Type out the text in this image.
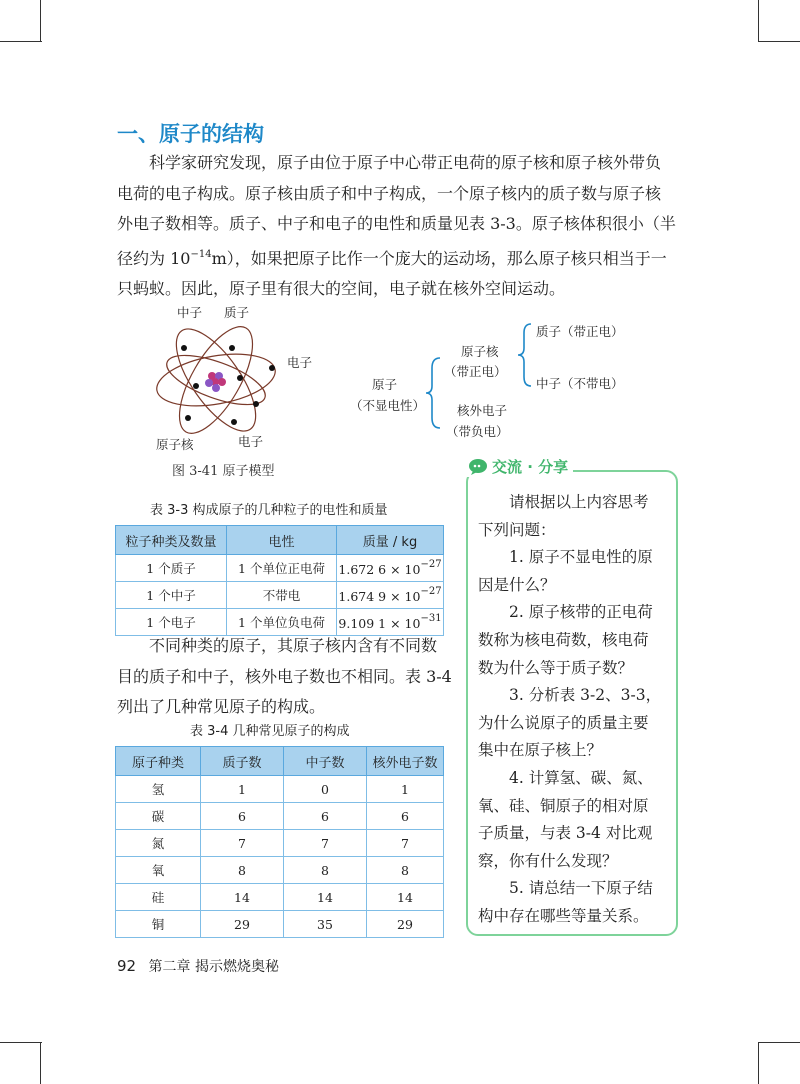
一、原子的结构

科学家研究发现，原子由位于原子中心带正电荷的原子核和原子核外带负

电荷的电子构成。原子核由质子和中子构成，一个原子核内的质子数与原子核

外电子数相等。质子、中子和电子的电性和质量见表 3-3。原子核体积很小（半

径约为 $10^{-14}m$），如果把原子比作一个庞大的运动场，那么原子核只相当于一

只蚂蚁。因此，原子里有很大的空间，电子就在核外空间运动。

中子 质子
电子
原子核	电子
图 3-41 原子模型
原子
（不显电性）
原子核
（带正电）
核外电子
（带负电）
质子（带正电）
中子（不带电）
表 3-3 构成原子的几种粒子的电性和质量
粒子种类及数量	电性	质量 / kg
1 个质子	1 个单位正电荷	1.672 $6 \times 10^{-27}$
1 个中子	不带电	1.674 $9 \times 10^{-27}$
1 个电子	1 个单位负电荷	9.109 $1 \times 10^{-31}$

不同种类的原子，其原子核内含有不同数

目的质子和中子，核外电子数也不相同。表 3-4

列出了几种常见原子的构成。

表 3-4 几种常见原子的构成
原子种类	质子数	中子数	核外电子数
氢	1	0	1
碳	6	6	6
氮	7	7	7
氧	8	8	8
硅	14	14	14
铜	29	35	29
交流 · 分享

请根据以上内容思考

下列问题：

1. 原子不显电性的原

因是什么？

2. 原子核带的正电荷

数称为核电荷数，核电荷

数为什么等于质子数？

3. 分析表 3-2、3-3，

为什么说原子的质量主要

集中在原子核上？

4. 计算氢、碳、氮、

氧、硅、铜原子的相对原

子质量，与表 3-4 对比观

察，你有什么发现？

5. 请总结一下原子结

构中存在哪些等量关系。

92 第二章 揭示燃烧奥秘
